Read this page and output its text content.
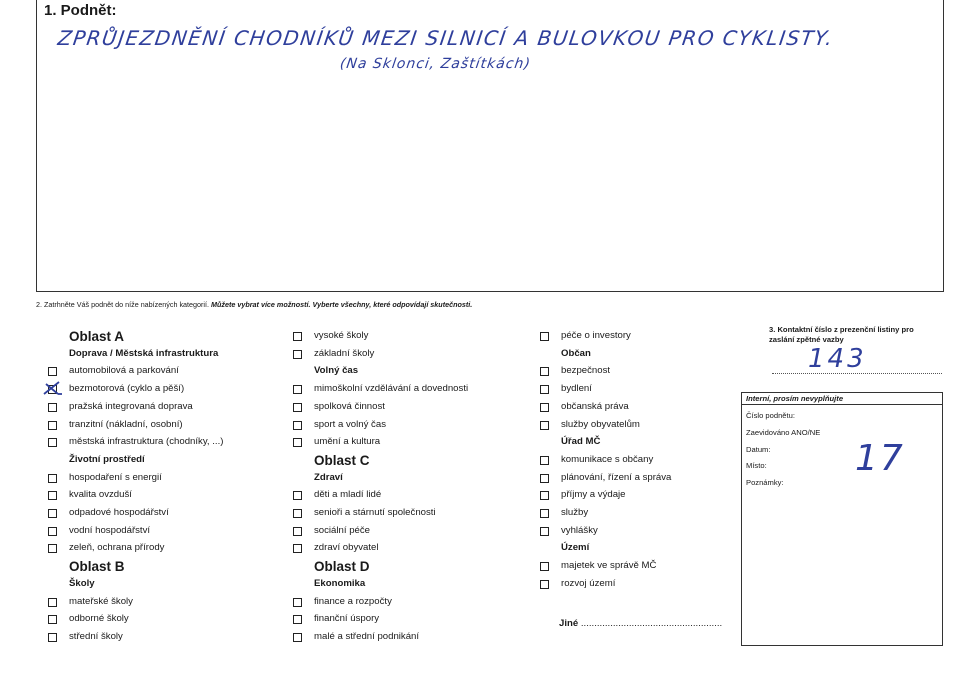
1. Podnět:
ZPRŮJEZDNĚNÍ CHODNÍKŮ MEZI SILNICÍ A BULOVKOU PRO CYKLISTY.
(Na Sklonci, Zaštítkách)
2. Zatrhněte Váš podnět do níže nabízených kategorií. Můžete vybrat více možností. Vyberte všechny, které odpovídají skutečnosti.
Oblast A
Doprava / Městská infrastruktura
automobilová a parkování
bezmotorová (cyklo a pěší)
pražská integrovaná doprava
tranzitní (nákladní, osobní)
městská infrastruktura (chodníky, ...)
Životní prostředí
hospodaření s energií
kvalita ovzduší
odpadové hospodářství
vodní hospodářství
zeleň, ochrana přírody
Oblast B
Školy
mateřské školy
odborné školy
střední školy
vysoké školy
základní školy
Volný čas
mimoškolní vzdělávání a dovednosti
spolková činnost
sport a volný čas
umění a kultura
Oblast C
Zdraví
děti a mladí lidé
senioři a stárnutí společnosti
sociální péče
zdraví obyvatel
Oblast D
Ekonomika
finance a rozpočty
finanční úspory
malé a střední podnikání
péče o investory
Občan
bezpečnost
bydlení
občanská práva
služby obyvatelům
Úřad MČ
komunikace s občany
plánování, řízení a správa
příjmy a výdaje
služby
vyhlášky
Území
majetek ve správě MČ
rozvoj území
Jiné .....................................................
3. Kontaktní číslo z prezenční listiny pro zaslání zpětné vazby
143
Interní, prosím nevyplňujte
Číslo podnětu:
Zaevidováno ANO/NE
Datum:
Místo:
Poznámky:
17
